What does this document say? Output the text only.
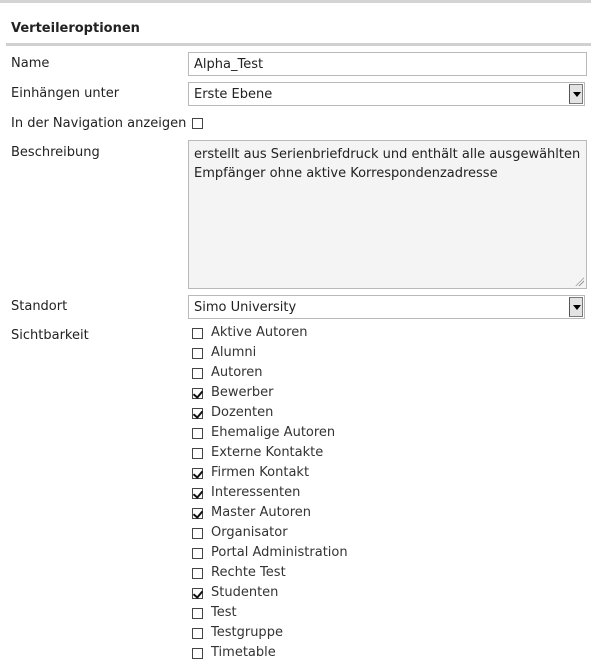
Verteileroptionen
Name	Alpha_Test
Einhängen unter	Erste Ebene
In der Navigation anzeigen
Beschreibung	erstellt aus Serienbriefdruck und enthält alle ausgewählten Empfänger ohne aktive Korrespondenzadresse
Standort	Simo University
Sichtbarkeit	Aktive Autoren
Alumni
Autoren
Bewerber
Dozenten
Ehemalige Autoren
Externe Kontakte
Firmen Kontakt
Interessenten
Master Autoren
Organisator
Portal Administration
Rechte Test
Studenten
Test
Testgruppe
Timetable
